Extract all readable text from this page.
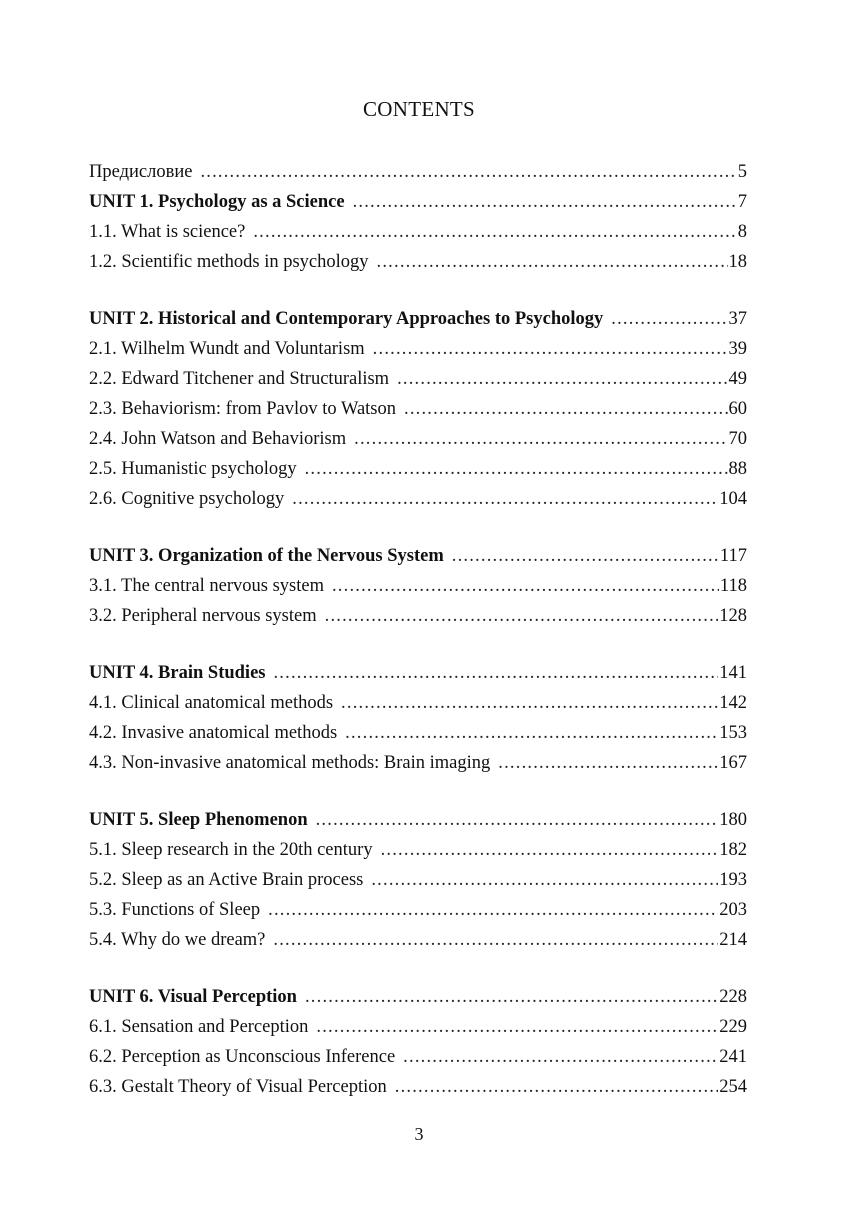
CONTENTS
Предисловие .....	5
UNIT 1. Psychology as a Science .....	7
1.1. What is science? .....	8
1.2. Scientific methods in psychology .....	18
UNIT 2. Historical and Contemporary Approaches to Psychology .....	37
2.1. Wilhelm Wundt and Voluntarism .....	39
2.2. Edward Titchener and Structuralism .....	49
2.3. Behaviorism: from Pavlov to Watson .....	60
2.4. John Watson and Behaviorism .....	70
2.5. Humanistic psychology .....	88
2.6. Cognitive psychology .....	104
UNIT 3. Organization of the Nervous System .....	117
3.1. The central nervous system .....	118
3.2. Peripheral nervous system .....	128
UNIT 4. Brain Studies .....	141
4.1. Clinical anatomical methods .....	142
4.2. Invasive anatomical methods .....	153
4.3. Non-invasive anatomical methods: Brain imaging .....	167
UNIT 5. Sleep Phenomenon .....	180
5.1. Sleep research in the 20th century .....	182
5.2. Sleep as an Active Brain process .....	193
5.3. Functions of Sleep .....	203
5.4. Why do we dream? .....	214
UNIT 6. Visual Perception .....	228
6.1. Sensation and Perception .....	229
6.2. Perception as Unconscious Inference .....	241
6.3. Gestalt Theory of Visual Perception .....	254
3
